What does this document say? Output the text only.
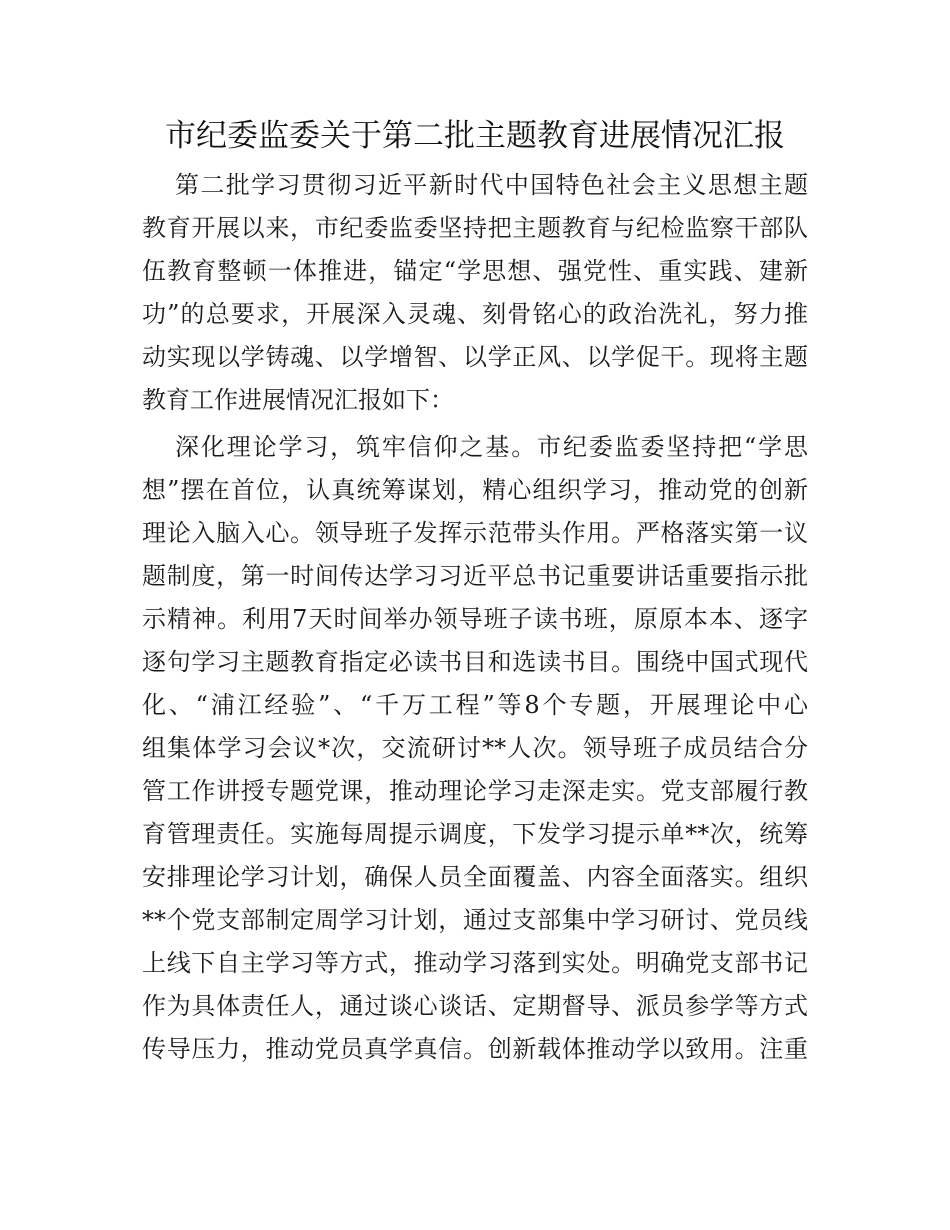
市纪委监委关于第二批主题教育进展情况汇报
第二批学习贯彻习近平新时代中国特色社会主义思想主题
教育开展以来，市纪委监委坚持把主题教育与纪检监察干部队
伍教育整顿一体推进，锚定“学思想、强党性、重实践、建新
功”的总要求，开展深入灵魂、刻骨铭心的政治洗礼，努力推
动实现以学铸魂、以学增智、以学正风、以学促干。现将主题
教育工作进展情况汇报如下：
深化理论学习，筑牢信仰之基。市纪委监委坚持把“学思
想”摆在首位，认真统筹谋划，精心组织学习，推动党的创新
理论入脑入心。领导班子发挥示范带头作用。严格落实第一议
题制度，第一时间传达学习习近平总书记重要讲话重要指示批
示精神。利用7天时间举办领导班子读书班，原原本本、逐字
逐句学习主题教育指定必读书目和选读书目。围绕中国式现代
化、“浦江经验”、“千万工程”等8个专题，开展理论中心
组集体学习会议*次，交流研讨**人次。领导班子成员结合分
管工作讲授专题党课，推动理论学习走深走实。党支部履行教
育管理责任。实施每周提示调度，下发学习提示单**次，统筹
安排理论学习计划，确保人员全面覆盖、内容全面落实。组织
**个党支部制定周学习计划，通过支部集中学习研讨、党员线
上线下自主学习等方式，推动学习落到实处。明确党支部书记
作为具体责任人，通过谈心谈话、定期督导、派员参学等方式
传导压力，推动党员真学真信。创新载体推动学以致用。注重
